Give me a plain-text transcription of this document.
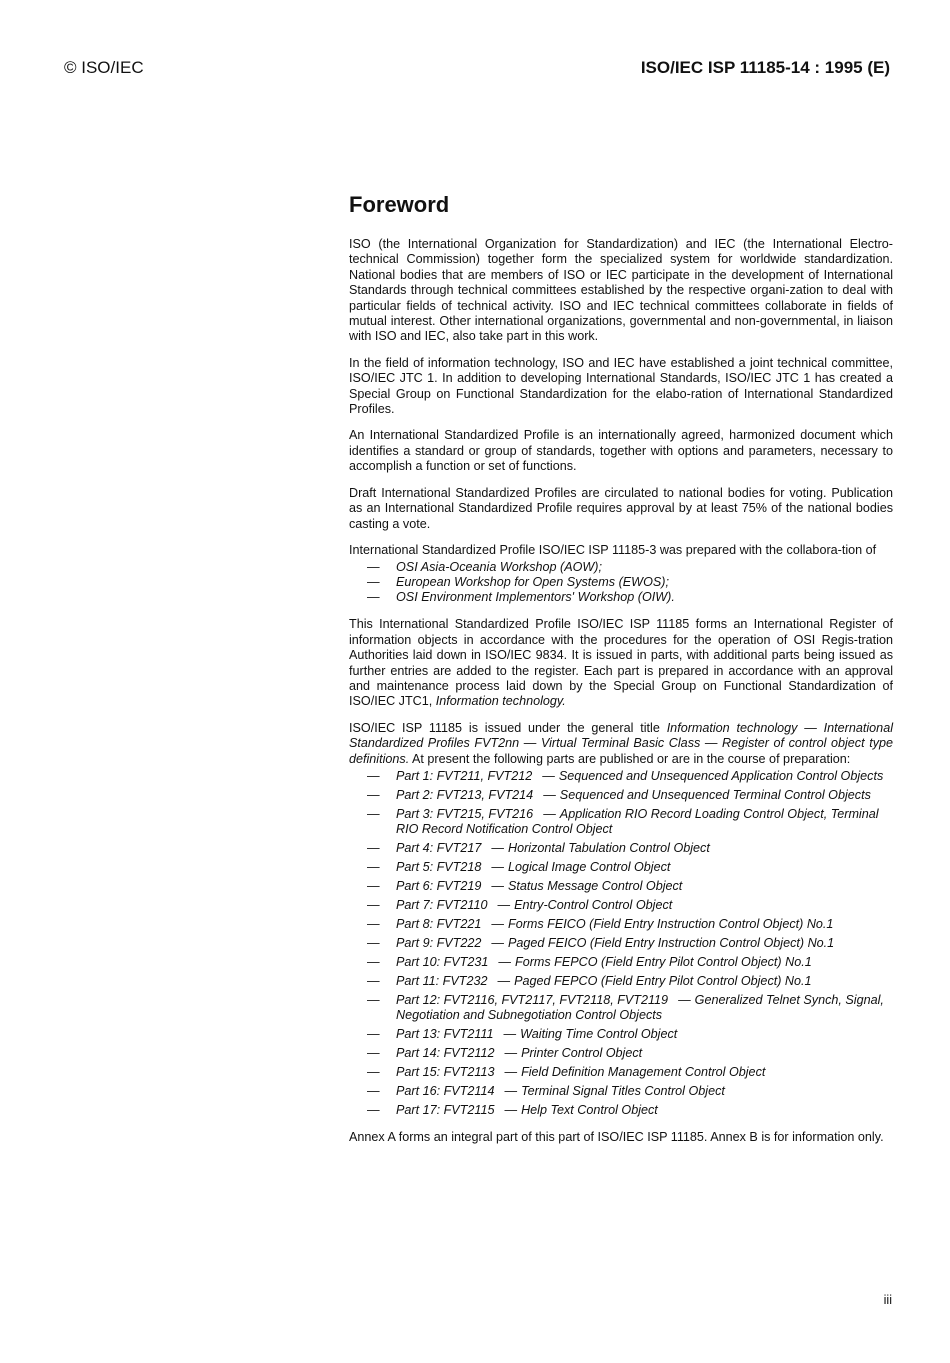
© ISO/IEC	ISO/IEC ISP 11185-14 : 1995 (E)
Foreword

ISO (the International Organization for Standardization) and IEC (the International Electro-technical Commission) together form the specialized system for worldwide standardization. National bodies that are members of ISO or IEC participate in the development of International Standards through technical committees established by the respective organi-zation to deal with particular fields of technical activity. ISO and IEC technical committees collaborate in fields of mutual interest. Other international organizations, governmental and non-governmental, in liaison with ISO and IEC, also take part in this work.

In the field of information technology, ISO and IEC have established a joint technical committee, ISO/IEC JTC 1. In addition to developing International Standards, ISO/IEC JTC 1 has created a Special Group on Functional Standardization for the elabo-ration of International Standardized Profiles.

An International Standardized Profile is an internationally agreed, harmonized document which identifies a standard or group of standards, together with options and parameters, necessary to accomplish a function or set of functions.

Draft International Standardized Profiles are circulated to national bodies for voting. Publication as an International Standardized Profile requires approval by at least 75% of the national bodies casting a vote.

International Standardized Profile ISO/IEC ISP 11185-3 was prepared with the collabora-tion of

— OSI Asia-Oceania Workshop (AOW);
— European Workshop for Open Systems (EWOS);
— OSI Environment Implementors' Workshop (OIW).

This International Standardized Profile ISO/IEC ISP 11185 forms an International Register of information objects in accordance with the procedures for the operation of OSI Regis-tration Authorities laid down in ISO/IEC 9834. It is issued in parts, with additional parts being issued as further entries are added to the register. Each part is prepared in accordance with an approval and maintenance process laid down by the Special Group on Functional Standardization of ISO/IEC JTC1, Information technology.

ISO/IEC ISP 11185 is issued under the general title Information technology — International Standardized Profiles FVT2nn — Virtual Terminal Basic Class — Register of control object type definitions. At present the following parts are published or are in the course of preparation:

— Part 1: FVT211, FVT212 — Sequenced and Unsequenced Application Control Objects
— Part 2: FVT213, FVT214 — Sequenced and Unsequenced Terminal Control Objects
— Part 3: FVT215, FVT216 — Application RIO Record Loading Control Object, Terminal RIO Record Notification Control Object
— Part 4: FVT217 — Horizontal Tabulation Control Object
— Part 5: FVT218 — Logical Image Control Object
— Part 6: FVT219 — Status Message Control Object
— Part 7: FVT2110 — Entry-Control Control Object
— Part 8: FVT221 — Forms FEICO (Field Entry Instruction Control Object) No.1
— Part 9: FVT222 — Paged FEICO (Field Entry Instruction Control Object) No.1
— Part 10: FVT231 — Forms FEPCO (Field Entry Pilot Control Object) No.1
— Part 11: FVT232 — Paged FEPCO (Field Entry Pilot Control Object) No.1
— Part 12: FVT2116, FVT2117, FVT2118, FVT2119 — Generalized Telnet Synch, Signal, Negotiation and Subnegotiation Control Objects
— Part 13: FVT2111 — Waiting Time Control Object
— Part 14: FVT2112 — Printer Control Object
— Part 15: FVT2113 — Field Definition Management Control Object
— Part 16: FVT2114 — Terminal Signal Titles Control Object
— Part 17: FVT2115 — Help Text Control Object

Annex A forms an integral part of this part of ISO/IEC ISP 11185. Annex B is for information only.

iii
